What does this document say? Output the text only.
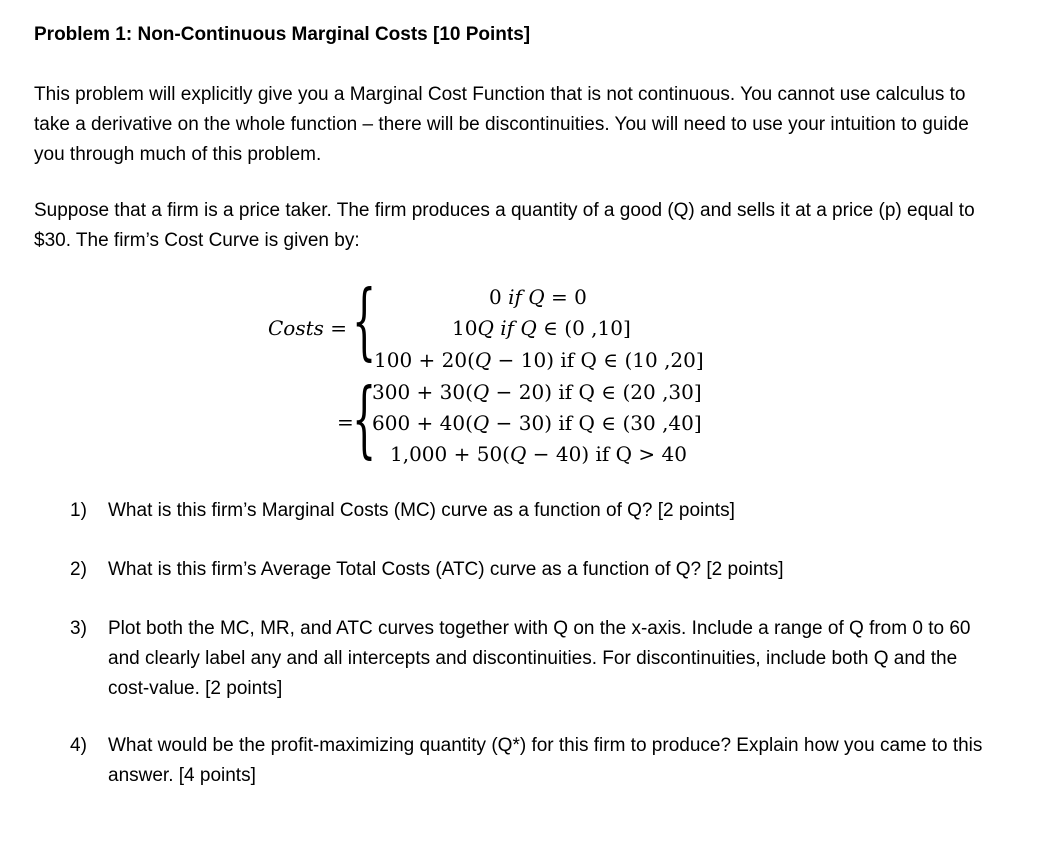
Problem 1: Non-Continuous Marginal Costs [10 Points]
This problem will explicitly give you a Marginal Cost Function that is not continuous. You cannot use calculus to take a derivative on the whole function – there will be discontinuities. You will need to use your intuition to guide you through much of this problem.
Suppose that a firm is a price taker. The firm produces a quantity of a good (Q) and sells it at a price (p) equal to $30. The firm’s Cost Curve is given by:
Costs = {	0 if Q = 0
10Q if Q ∈ (0 ,10]
100 + 20(Q − 10) if Q ∈ (10 ,20]
=
{
300 + 30(Q − 20) if Q ∈ (20 ,30]
600 + 40(Q − 30) if Q ∈ (30 ,40]
1,000 + 50(Q − 40) if Q > 40
1) What is this firm’s Marginal Costs (MC) curve as a function of Q? [2 points]
2) What is this firm’s Average Total Costs (ATC) curve as a function of Q? [2 points]
3) Plot both the MC, MR, and ATC curves together with Q on the x-axis. Include a range of Q from 0 to 60 and clearly label any and all intercepts and discontinuities. For discontinuities, include both Q and the cost-value. [2 points]
4) What would be the profit-maximizing quantity (Q*) for this firm to produce? Explain how you came to this answer. [4 points]
